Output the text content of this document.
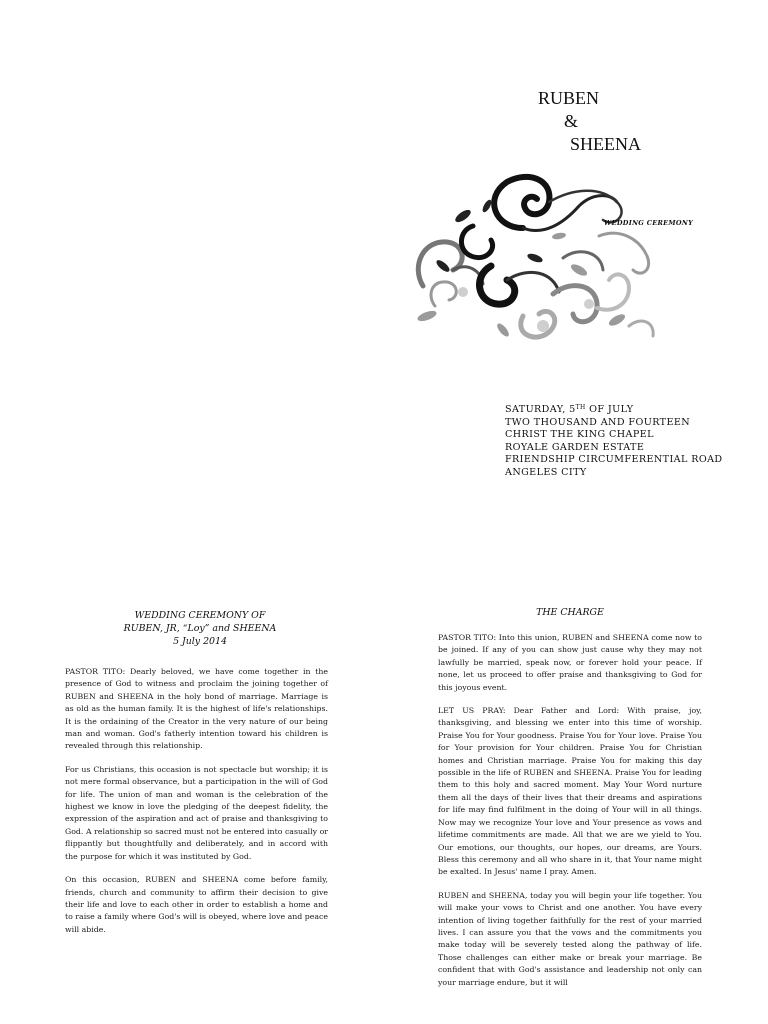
RUBEN
&
SHEENA
WEDDING CEREMONY
SATURDAY, 5TH OF JULY
TWO THOUSAND AND FOURTEEN
CHRIST THE KING CHAPEL
ROYALE GARDEN ESTATE
FRIENDSHIP CIRCUMFERENTIAL ROAD
ANGELES CITY
WEDDING CEREMONY OF
RUBEN, JR, “Loy” and SHEENA
5 July 2014

PASTOR TITO: Dearly beloved, we have come together in the presence of God to witness and proclaim the joining together of RUBEN and SHEENA in the holy bond of marriage. Marriage is as old as the human family. It is the highest of life's relationships. It is the ordaining of the Creator in the very nature of our being man and woman. God's fatherly intention toward his children is revealed through this relationship.

For us Christians, this occasion is not spectacle but worship; it is not mere formal observance, but a participation in the will of God for life. The union of man and woman is the celebration of the highest we know in love the pledging of the deepest fidelity, the expression of the aspiration and act of praise and thanksgiving to God. A relationship so sacred must not be entered into casually or flippantly but thoughtfully and deliberately, and in accord with the purpose for which it was instituted by God.

On this occasion, RUBEN and SHEENA come before family, friends, church and community to affirm their decision to give their life and love to each other in order to establish a home and to raise a family where God's will is obeyed, where love and peace will abide.

THE CHARGE

PASTOR TITO: Into this union, RUBEN and SHEENA come now to be joined. If any of you can show just cause why they may not lawfully be married, speak now, or forever hold your peace. If none, let us proceed to offer praise and thanksgiving to God for this joyous event.

LET US PRAY: Dear Father and Lord: With praise, joy, thanksgiving, and blessing we enter into this time of worship. Praise You for Your goodness. Praise You for Your love. Praise You for Your provision for Your children. Praise You for Christian homes and Christian marriage. Praise You for making this day possible in the life of RUBEN and SHEENA. Praise You for leading them to this holy and sacred moment. May Your Word nurture them all the days of their lives that their dreams and aspirations for life may find fulfilment in the doing of Your will in all things. Now may we recognize Your love and Your presence as vows and lifetime commitments are made. All that we are we yield to You. Our emotions, our thoughts, our hopes, our dreams, are Yours. Bless this ceremony and all who share in it, that Your name might be exalted. In Jesus' name I pray. Amen.

RUBEN and SHEENA, today you will begin your life together. You will make your vows to Christ and one another. You have every intention of living together faithfully for the rest of your married lives. I can assure you that the vows and the commitments you make today will be severely tested along the pathway of life. Those challenges can either make or break your marriage. Be confident that with God's assistance and leadership not only can your marriage endure, but it will
